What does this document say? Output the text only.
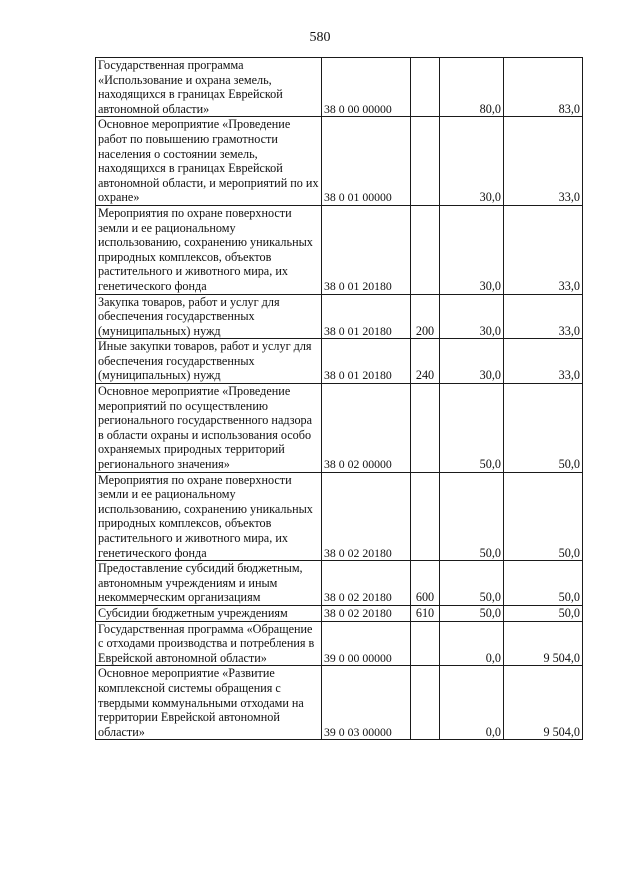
580
Государственная программа «Использование и охрана земель, находящихся в границах Еврейской автономной области»	38 0 00 00000		80,0	83,0
Основное мероприятие «Проведение работ по повышению грамотности населения о состоянии земель, находящихся в границах Еврейской автономной области, и мероприятий по их охране»	38 0 01 00000		30,0	33,0
Мероприятия по охране поверхности земли и ее рациональному использованию, сохранению уникальных природных комплексов, объектов растительного и животного мира, их генетического фонда	38 0 01 20180		30,0	33,0
Закупка товаров, работ и услуг для обеспечения государственных (муниципальных) нужд	38 0 01 20180	200	30,0	33,0
Иные закупки товаров, работ и услуг для обеспечения государственных (муниципальных) нужд	38 0 01 20180	240	30,0	33,0
Основное мероприятие «Проведение мероприятий по осуществлению регионального государственного надзора в области охраны и использования особо охраняемых природных территорий регионального значения»	38 0 02 00000		50,0	50,0
Мероприятия по охране поверхности земли и ее рациональному использованию, сохранению уникальных природных комплексов, объектов растительного и животного мира, их генетического фонда	38 0 02 20180		50,0	50,0
Предоставление субсидий бюджетным, автономным учреждениям и иным некоммерческим организациям	38 0 02 20180	600	50,0	50,0
Субсидии бюджетным учреждениям	38 0 02 20180	610	50,0	50,0
Государственная программа «Обращение с отходами производства и потребления в Еврейской автономной области»	39 0 00 00000		0,0	9 504,0
Основное мероприятие «Развитие комплексной системы обращения с твердыми коммунальными отходами на территории Еврейской автономной области»	39 0 03 00000		0,0	9 504,0
